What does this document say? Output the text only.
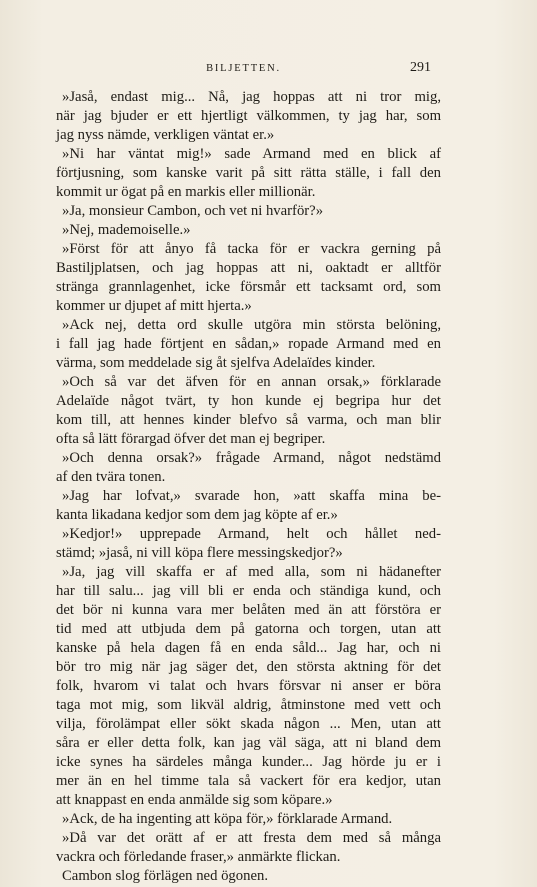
BILJETTEN.	291
»Jaså, endast mig... Nå, jag hoppas att ni tror mig,
när jag bjuder er ett hjertligt välkommen, ty jag har, som
jag nyss nämde, verkligen väntat er.»
»Ni har väntat mig!» sade Armand med en blick af
förtjusning, som kanske varit på sitt rätta ställe, i fall den
kommit ur ögat på en markis eller millionär.
»Ja, monsieur Cambon, och vet ni hvarför?»
»Nej, mademoiselle.»
»Först för att ånyo få tacka för er vackra gerning på
Bastiljplatsen, och jag hoppas att ni, oaktadt er alltför
stränga grannlagenhet, icke försmår ett tacksamt ord, som
kommer ur djupet af mitt hjerta.»
»Ack nej, detta ord skulle utgöra min största belöning,
i fall jag hade förtjent en sådan,» ropade Armand med en
värma, som meddelade sig åt sjelfva Adelaïdes kinder.
»Och så var det äfven för en annan orsak,» förklarade
Adelaïde något tvärt, ty hon kunde ej begripa hur det
kom till, att hennes kinder blefvo så varma, och man blir
ofta så lätt förargad öfver det man ej begriper.
»Och denna orsak?» frågade Armand, något nedstämd
af den tvära tonen.
»Jag har lofvat,» svarade hon, »att skaffa mina be-
kanta likadana kedjor som dem jag köpte af er.»
»Kedjor!» upprepade Armand, helt och hållet ned-
stämd; »jaså, ni vill köpa flere messingskedjor?»
»Ja, jag vill skaffa er af med alla, som ni hädanefter
har till salu... jag vill bli er enda och ständiga kund, och
det bör ni kunna vara mer belåten med än att förstöra er
tid med att utbjuda dem på gatorna och torgen, utan att
kanske på hela dagen få en enda såld... Jag har, och ni
bör tro mig när jag säger det, den största aktning för det
folk, hvarom vi talat och hvars försvar ni anser er böra
taga mot mig, som likväl aldrig, åtminstone med vett och
vilja, förolämpat eller sökt skada någon ... Men, utan att
såra er eller detta folk, kan jag väl säga, att ni bland dem
icke synes ha särdeles många kunder... Jag hörde ju er i
mer än en hel timme tala så vackert för era kedjor, utan
att knappast en enda anmälde sig som köpare.»
»Ack, de ha ingenting att köpa för,» förklarade Armand.
»Då var det orätt af er att fresta dem med så många
vackra och förledande fraser,» anmärkte flickan.
Cambon slog förlägen ned ögonen.
